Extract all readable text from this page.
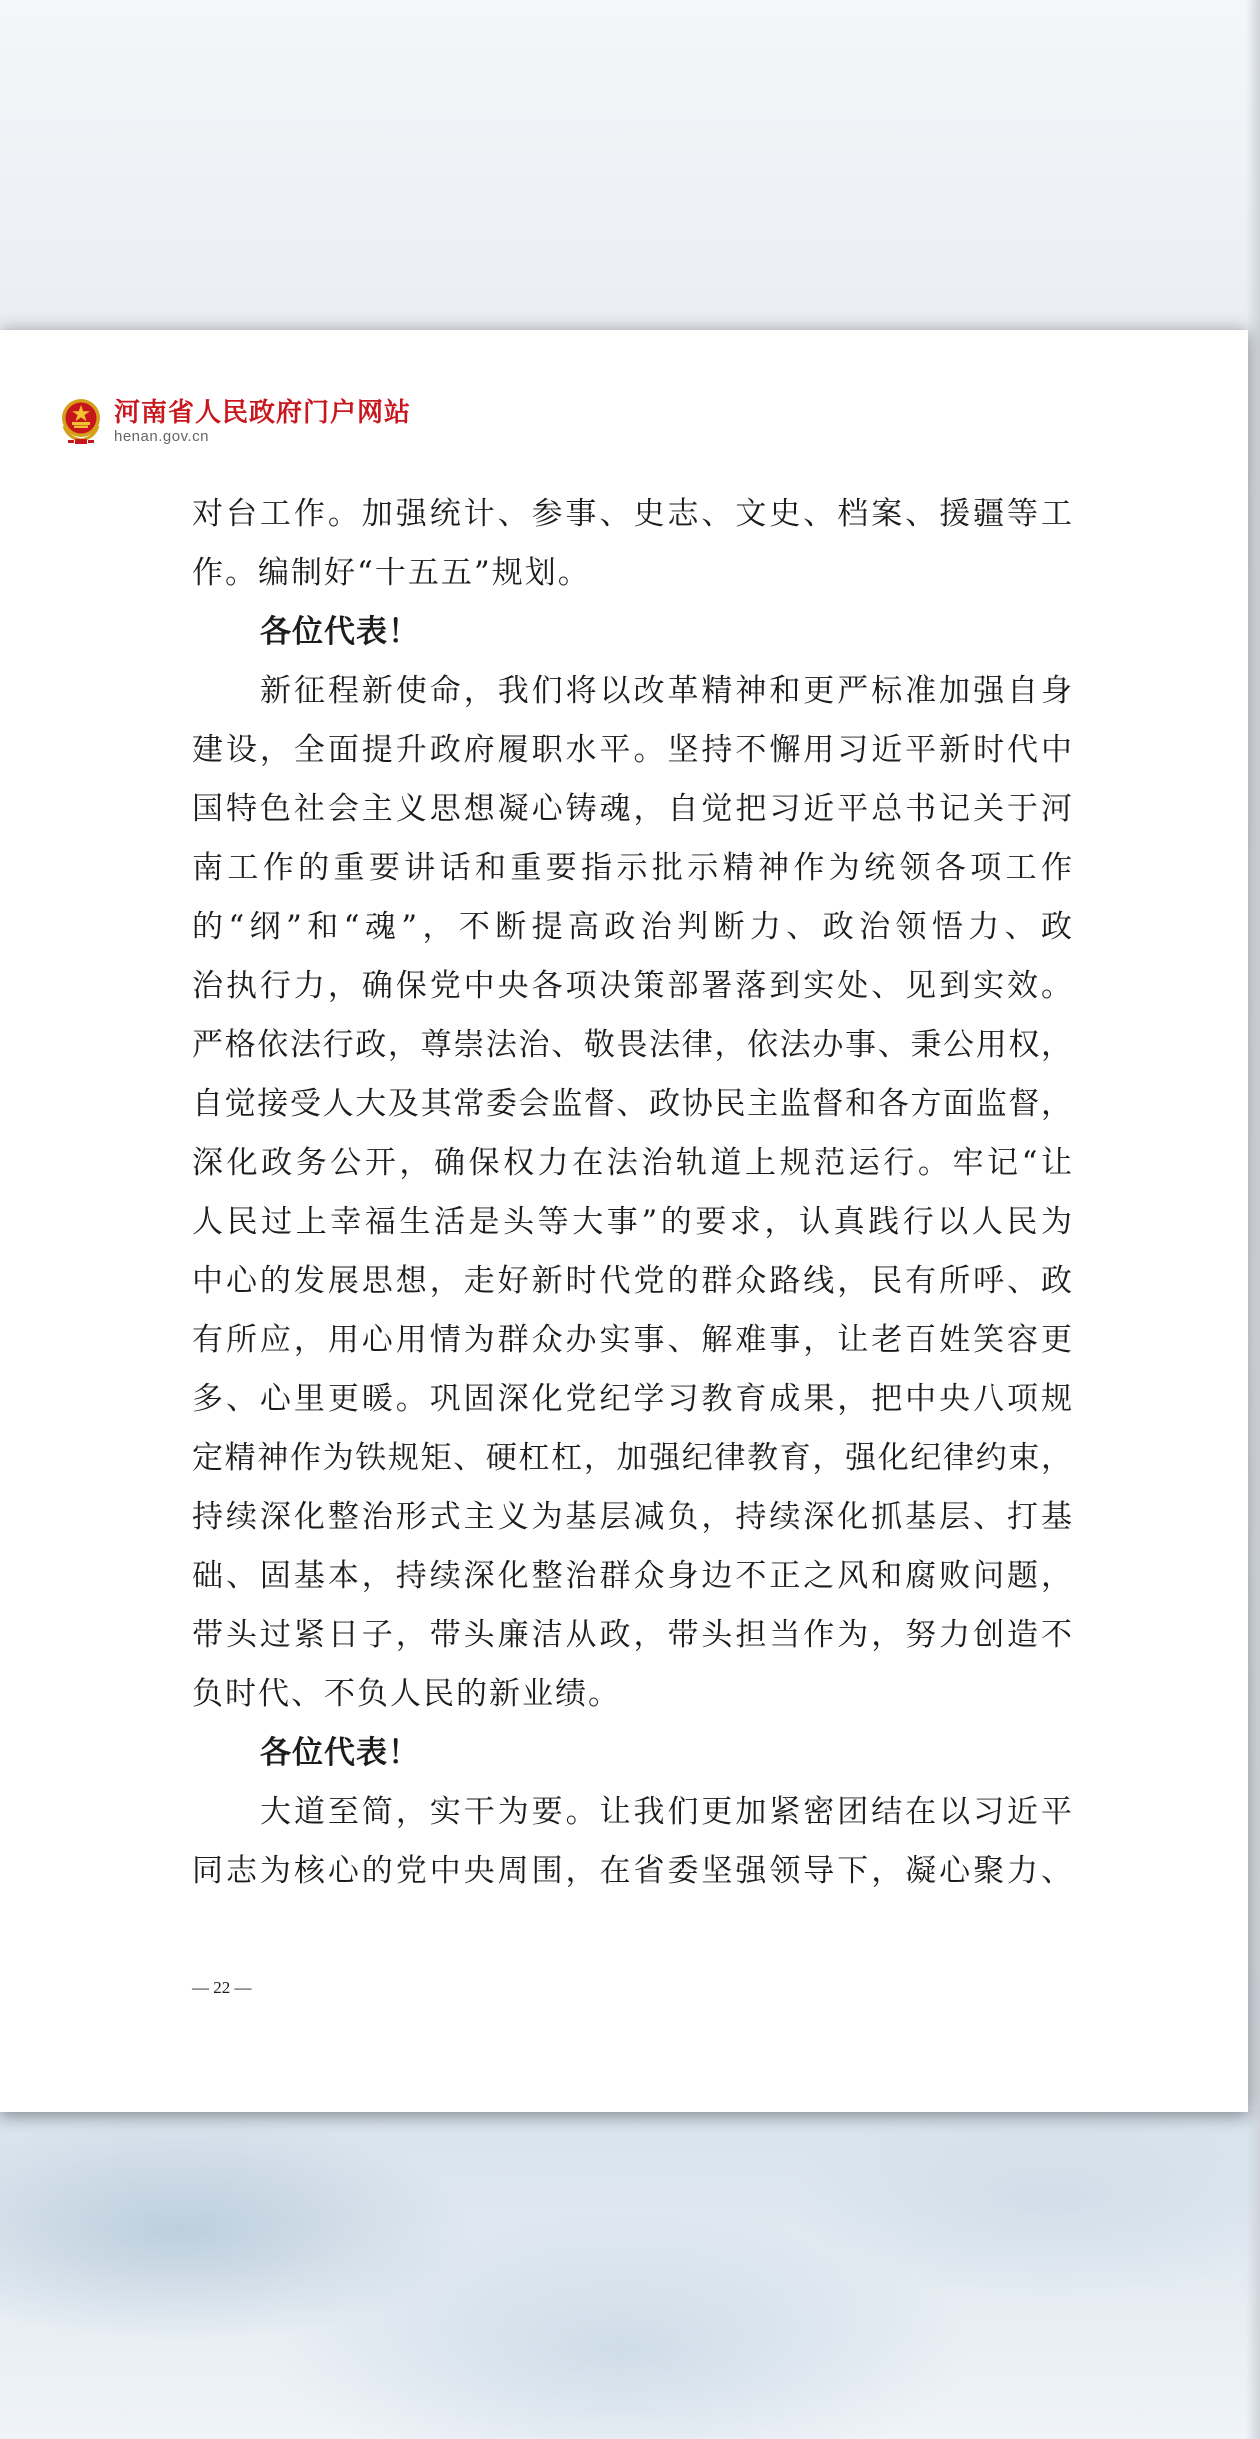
河南省人民政府门户网站
henan.gov.cn
对台工作。加强统计、参事、史志、文史、档案、援疆等工
作。编制好“十五五”规划。
各位代表！
新征程新使命，我们将以改革精神和更严标准加强自身
建设，全面提升政府履职水平。坚持不懈用习近平新时代中
国特色社会主义思想凝心铸魂，自觉把习近平总书记关于河
南工作的重要讲话和重要指示批示精神作为统领各项工作
的“纲”和“魂”，不断提高政治判断力、政治领悟力、政
治执行力，确保党中央各项决策部署落到实处、见到实效。
严格依法行政，尊崇法治、敬畏法律，依法办事、秉公用权，
自觉接受人大及其常委会监督、政协民主监督和各方面监督，
深化政务公开，确保权力在法治轨道上规范运行。牢记“让
人民过上幸福生活是头等大事”的要求，认真践行以人民为
中心的发展思想，走好新时代党的群众路线，民有所呼、政
有所应，用心用情为群众办实事、解难事，让老百姓笑容更
多、心里更暖。巩固深化党纪学习教育成果，把中央八项规
定精神作为铁规矩、硬杠杠，加强纪律教育，强化纪律约束，
持续深化整治形式主义为基层减负，持续深化抓基层、打基
础、固基本，持续深化整治群众身边不正之风和腐败问题，
带头过紧日子，带头廉洁从政，带头担当作为，努力创造不
负时代、不负人民的新业绩。
各位代表！
大道至简，实干为要。让我们更加紧密团结在以习近平
同志为核心的党中央周围，在省委坚强领导下，凝心聚力、
— 22 —
